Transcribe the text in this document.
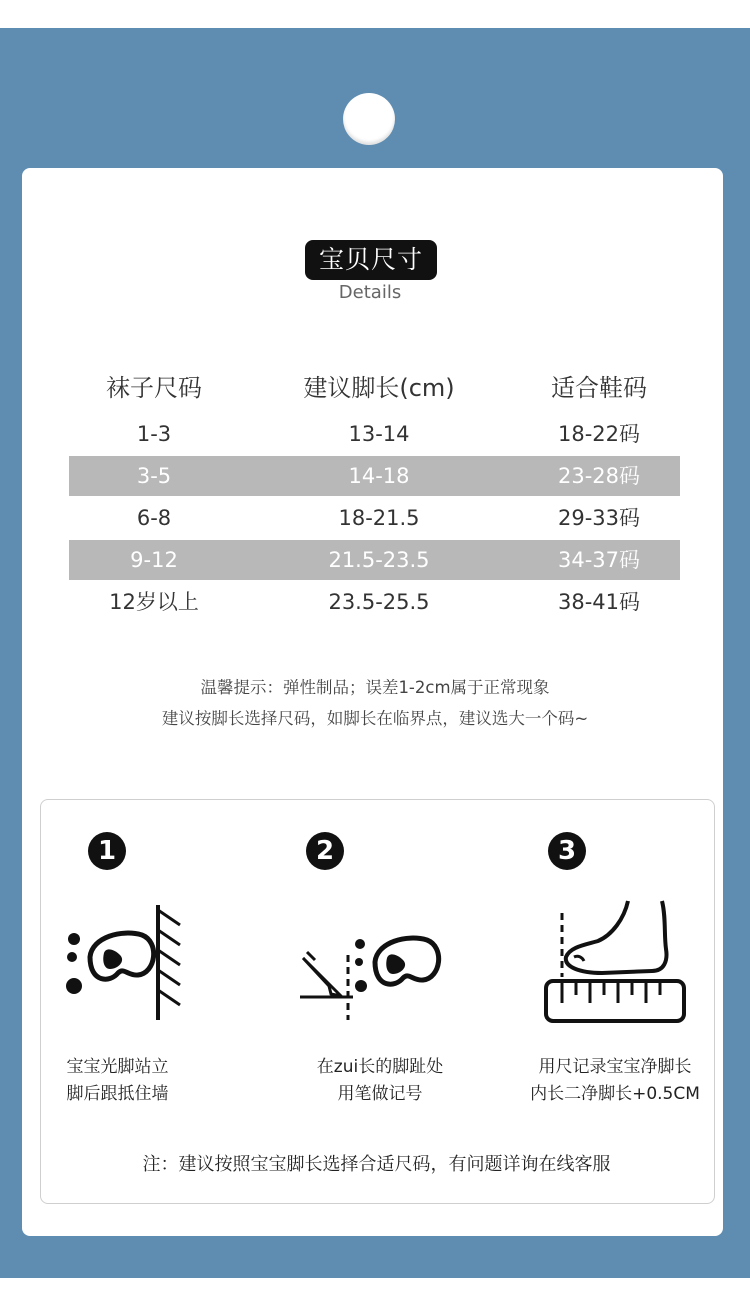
宝贝尺寸
Details
袜子尺码	建议脚长(cm)	适合鞋码
1-3	13-14	18-22码
3-5	14-18	23-28码
6-8	18-21.5	29-33码
9-12	21.5-23.5	34-37码
12岁以上	23.5-25.5	38-41码
温馨提示：弹性制品；误差1-2cm属于正常现象
建议按脚长选择尺码，如脚长在临界点，建议选大一个码~
1
宝宝光脚站立
脚后跟抵住墙
2
在zui长的脚趾处
用笔做记号
3
用尺记录宝宝净脚长
内长二净脚长+0.5CM
注：建议按照宝宝脚长选择合适尺码，有问题详询在线客服
